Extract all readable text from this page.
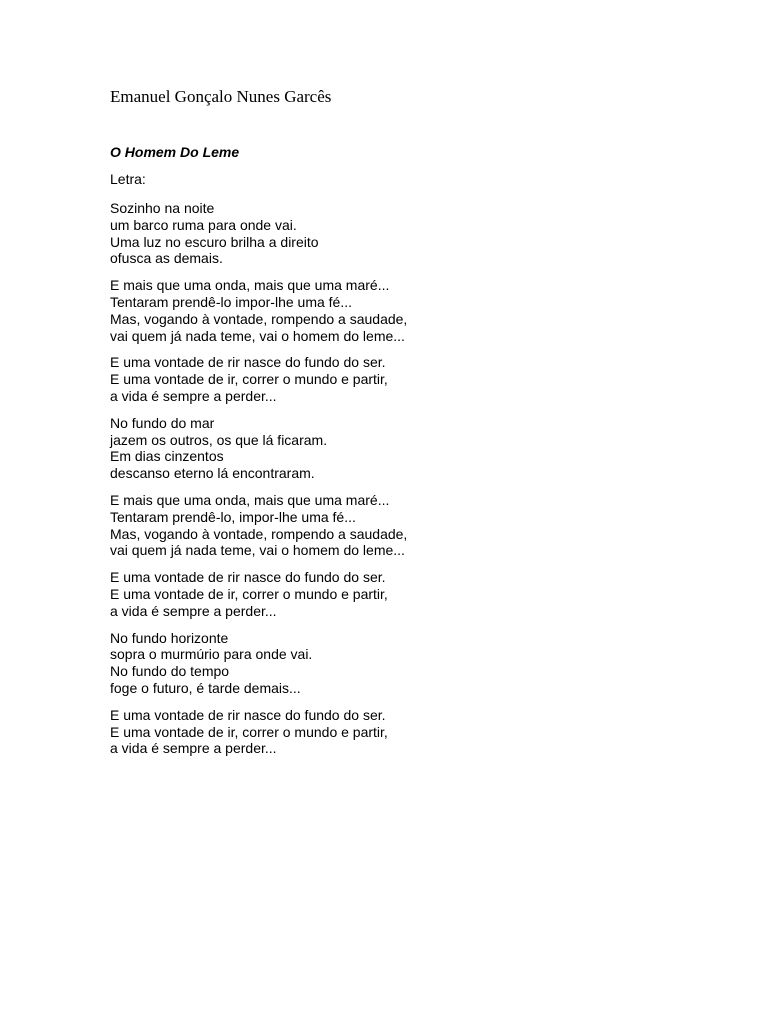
Emanuel Gonçalo Nunes Garcês
O Homem Do Leme
Letra:
Sozinho na noite
um barco ruma para onde vai.
Uma luz no escuro brilha a direito
ofusca as demais.
E mais que uma onda, mais que uma maré...
Tentaram prendê-lo impor-lhe uma fé...
Mas, vogando à vontade, rompendo a saudade,
vai quem já nada teme, vai o homem do leme...
E uma vontade de rir nasce do fundo do ser.
E uma vontade de ir, correr o mundo e partir,
a vida é sempre a perder...
No fundo do mar
jazem os outros, os que lá ficaram.
Em dias cinzentos
descanso eterno lá encontraram.
E mais que uma onda, mais que uma maré...
Tentaram prendê-lo, impor-lhe uma fé...
Mas, vogando à vontade, rompendo a saudade,
vai quem já nada teme, vai o homem do leme...
E uma vontade de rir nasce do fundo do ser.
E uma vontade de ir, correr o mundo e partir,
a vida é sempre a perder...
No fundo horizonte
sopra o murmúrio para onde vai.
No fundo do tempo
foge o futuro, é tarde demais...
E uma vontade de rir nasce do fundo do ser.
E uma vontade de ir, correr o mundo e partir,
a vida é sempre a perder...
